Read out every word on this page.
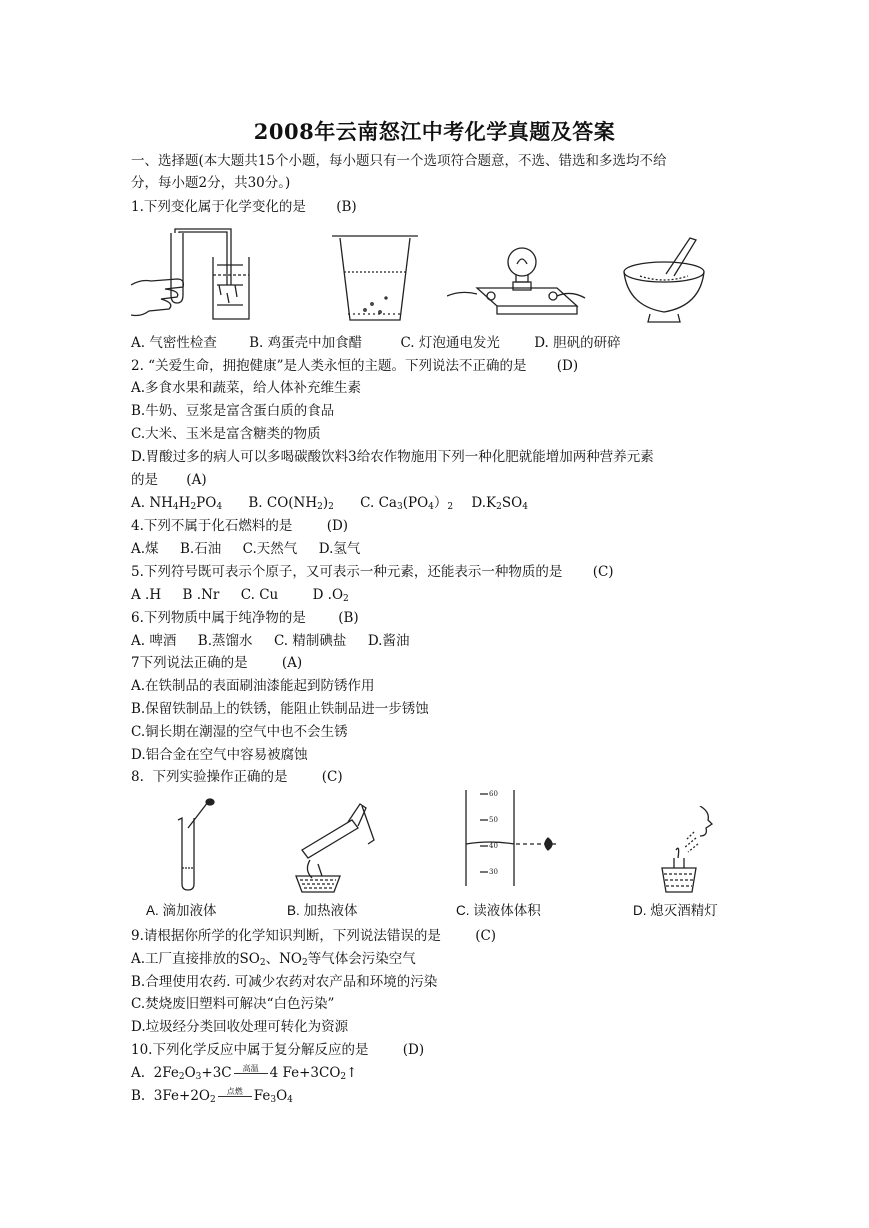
2008年云南怒江中考化学真题及答案
一、选择题(本大题共15个小题，每小题只有一个选项符合题意，不选、错选和多选均不给
分，每小题2分，共30分。)
1.下列变化属于化学变化的是 (B)
A. 气密性检查 B. 鸡蛋壳中加食醋	C. 灯泡通电发光	D. 胆矾的研碎
2. “关爱生命，拥抱健康”是人类永恒的主题。下列说法不正确的是 (D)
A.多食水果和蔬菜，给人体补充维生素
B.牛奶、豆浆是富含蛋白质的食品
C.大米、玉米是富含糖类的物质
D.胃酸过多的病人可以多喝碳酸饮料3给农作物施用下列一种化肥就能增加两种营养元素
的是 (A)
A. $NH_4H_2PO_4$ B. $CO(NH_2)_2$ C. $Ca_3(PO_4)_2$ $D.K_2SO_4$
4.下列不属于化石燃料的是	(D)
A.煤     B.石油     C.天然气     D.氢气
5.下列符号既可表示个原子，又可表示一种元素，还能表示一种物质的是 (C)
A .H     B .Nr     C. Cu        D $.O_2$
6.下列物质中属于纯净物的是 (B)
A. 啤酒     B.蒸馏水     C. 精制碘盐     D.酱油
7下列说法正确的是	(A)
A.在铁制品的表面刷油漆能起到防锈作用
B.保留铁制品上的铁锈，能阻止铁制品进一步锈蚀
C.铜长期在潮湿的空气中也不会生锈
D.铝合金在空气中容易被腐蚀
8.  下列实验操作正确的是	(C)
60
50
40
30
A. 滴加液体	B. 加热液体	C. 读液体体积	D. 熄灭酒精灯
9.请根据你所学的化学知识判断，下列说法错误的是	(C)
A.工厂直接排放的$SO_2$、$NO_2$等气体会污染空气
B.合理使用农药. 可减少农药对农产品和环境的污染
C.焚烧废旧塑料可解决“白色污染”
D.垃圾经分类回收处理可转化为资源
10.下列化学反应中属于复分解反应的是	(D)
A.  $2Fe_2O_3+3C$ 高温 4 $Fe+3CO_2↑$
B.  $3Fe+2O_2$点燃 $Fe_3O_4$
